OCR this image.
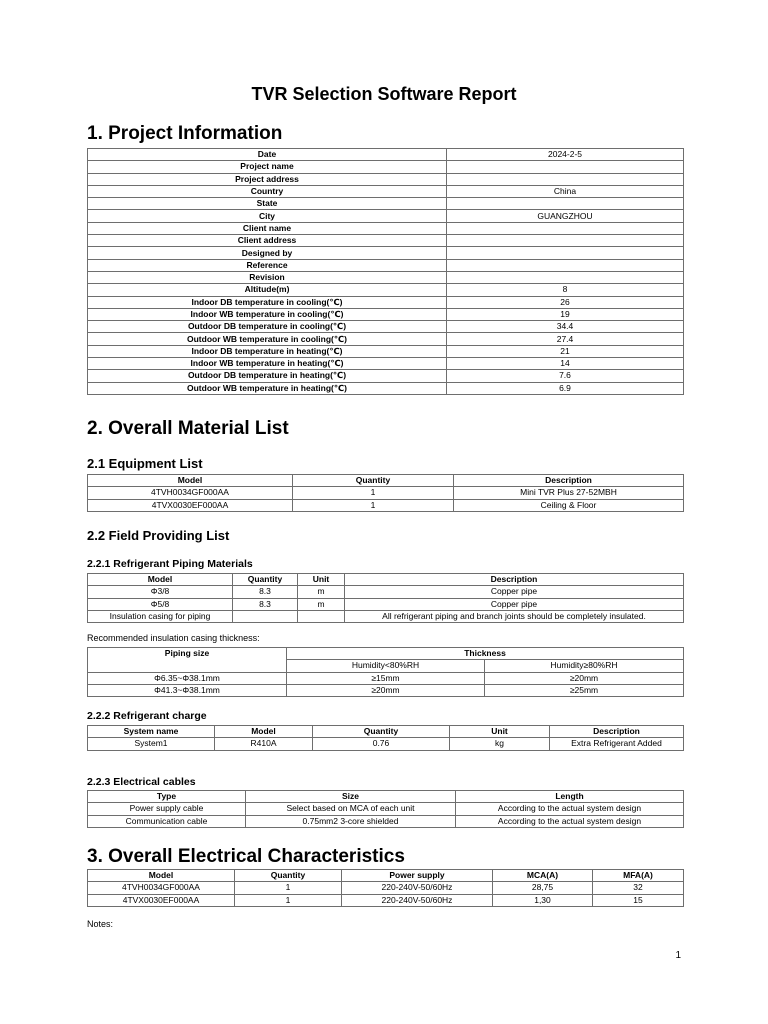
TVR Selection Software Report
1. Project Information
Date	2024-2-5
Project name	
Project address	
Country	China
State	
City	GUANGZHOU
Client name	
Client address	
Designed by	
Reference	
Revision	
Altitude(m)	8
Indoor DB temperature in cooling(℃)	26
Indoor WB temperature in cooling(℃)	19
Outdoor DB temperature in cooling(℃)	34.4
Outdoor WB temperature in cooling(℃)	27.4
Indoor DB temperature in heating(℃)	21
Indoor WB temperature in heating(℃)	14
Outdoor DB temperature in heating(℃)	7.6
Outdoor WB temperature in heating(℃)	6.9
2. Overall Material List
2.1 Equipment List
Model	Quantity	Description
4TVH0034GF000AA	1	Mini TVR Plus 27-52MBH
4TVX0030EF000AA	1	Ceiling & Floor
2.2 Field Providing List
2.2.1 Refrigerant Piping Materials
Model	Quantity	Unit	Description
Φ3/8	8.3	m	Copper pipe
Φ5/8	8.3	m	Copper pipe
Insulation casing for piping			All refrigerant piping and branch joints should be completely insulated.
Recommended insulation casing thickness:
Piping size	Thickness	
	Humidity<80%RH	Humidity≥80%RH
Φ6.35~Φ38.1mm	≥15mm	≥20mm
Φ41.3~Φ38.1mm	≥20mm	≥25mm
2.2.2 Refrigerant charge
System name	Model	Quantity	Unit	Description
System1	R410A	0.76	kg	Extra Refrigerant Added
2.2.3 Electrical cables
Type	Size	Length
Power supply cable	Select based on MCA of each unit	According to the actual system design
Communication cable	0.75mm2 3-core shielded	According to the actual system design
3. Overall Electrical Characteristics
Model	Quantity	Power supply	MCA(A)	MFA(A)
4TVH0034GF000AA	1	220-240V-50/60Hz	28,75	32
4TVX0030EF000AA	1	220-240V-50/60Hz	1,30	15
Notes:
1
